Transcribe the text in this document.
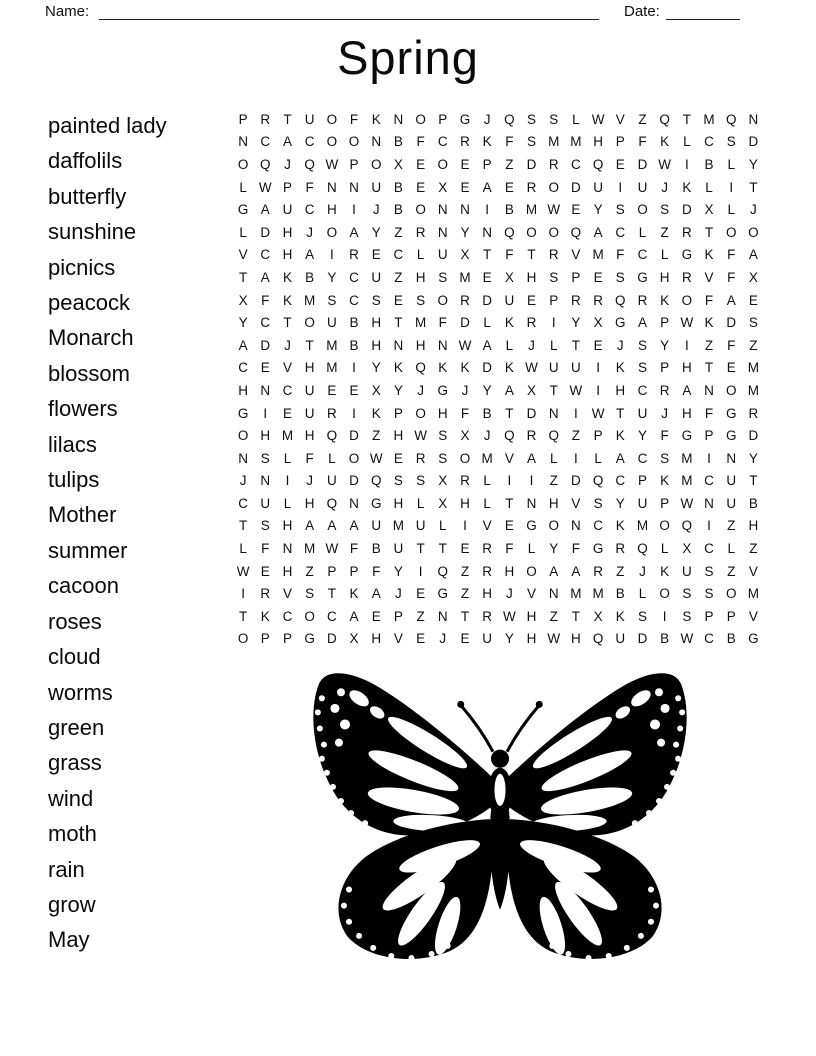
Name:	Date:
Spring
painted lady
daffolils
butterfly
sunshine
picnics
peacock
Monarch
blossom
flowers
lilacs
tulips
Mother
summer
cacoon
roses
cloud
worms
green
grass
wind
moth
rain
grow
May
P R T U O F	K N O P G	J	Q S S	L W V	Z Q T M Q N
N C A C O O N B	F C R K	F	S M M H P	F	K	L	C S D
O Q	J	Q W P O X E O E P	Z D R C Q E D W	I	B	L	Y
L W P	F N N U B E X E A E R O D U	I	U	J	K	L	I	T
G A U C H	I	J	B O N N	I	B M W E Y S O S D X	L	J
L	D H	J	O A Y	Z R N Y N Q O O Q A C	L	Z R T O O
V C H A	I	R E C	L	U X	T	F	T R V M F C	L G K	F	A
T	A K B Y C U Z H S M E X H S P E S G H R V	F	X
X	F	K M S C S E S O R D U E P R R Q R K O F	A E
Y C T O U B H T M F D	L	K R	I	Y X G A P W K D S
A D	J	T M B H N H N W A	L	J	L	T	E	J	S Y	I	Z	F	Z
C E V H M	I	Y K Q K K D K W U U	I	K S P H T	E M
H N C U E E X Y	J	G	J	Y A X	T W	I	H C R A N O M
G	I	E U R	I	K P O H F	B	T D N	I	W T U	J	H F G R
O H M H Q D Z H W S X	J	Q R Q Z	P K Y	F G P G D
N S	L	F	L O W E R S O M V A	L	I	L	A C S M	I	N Y
J	N	I	J	U D Q S S X R	L	I	I	Z D Q C P K M C U T
C U	L	H Q N G H	L	X H	L	T N H V S Y U P W N U B
T	S H A A A U M U	L	I	V E G O N C K M O Q	I	Z H
L	F N M W F	B U T	T	E R F	L	Y	F G R Q L	X C	L	Z
W E H Z	P P	F	Y	I	Q Z R H O A A R Z	J	K U S	Z	V
I	R V S	T	K A	J	E G Z H	J	V N M M B	L O S S O M
T	K C O C A E P	Z N T R W H Z	T	X K S	I	S P P V
O P P G D X H V E	J	E U Y H W H Q U D B W C B G
